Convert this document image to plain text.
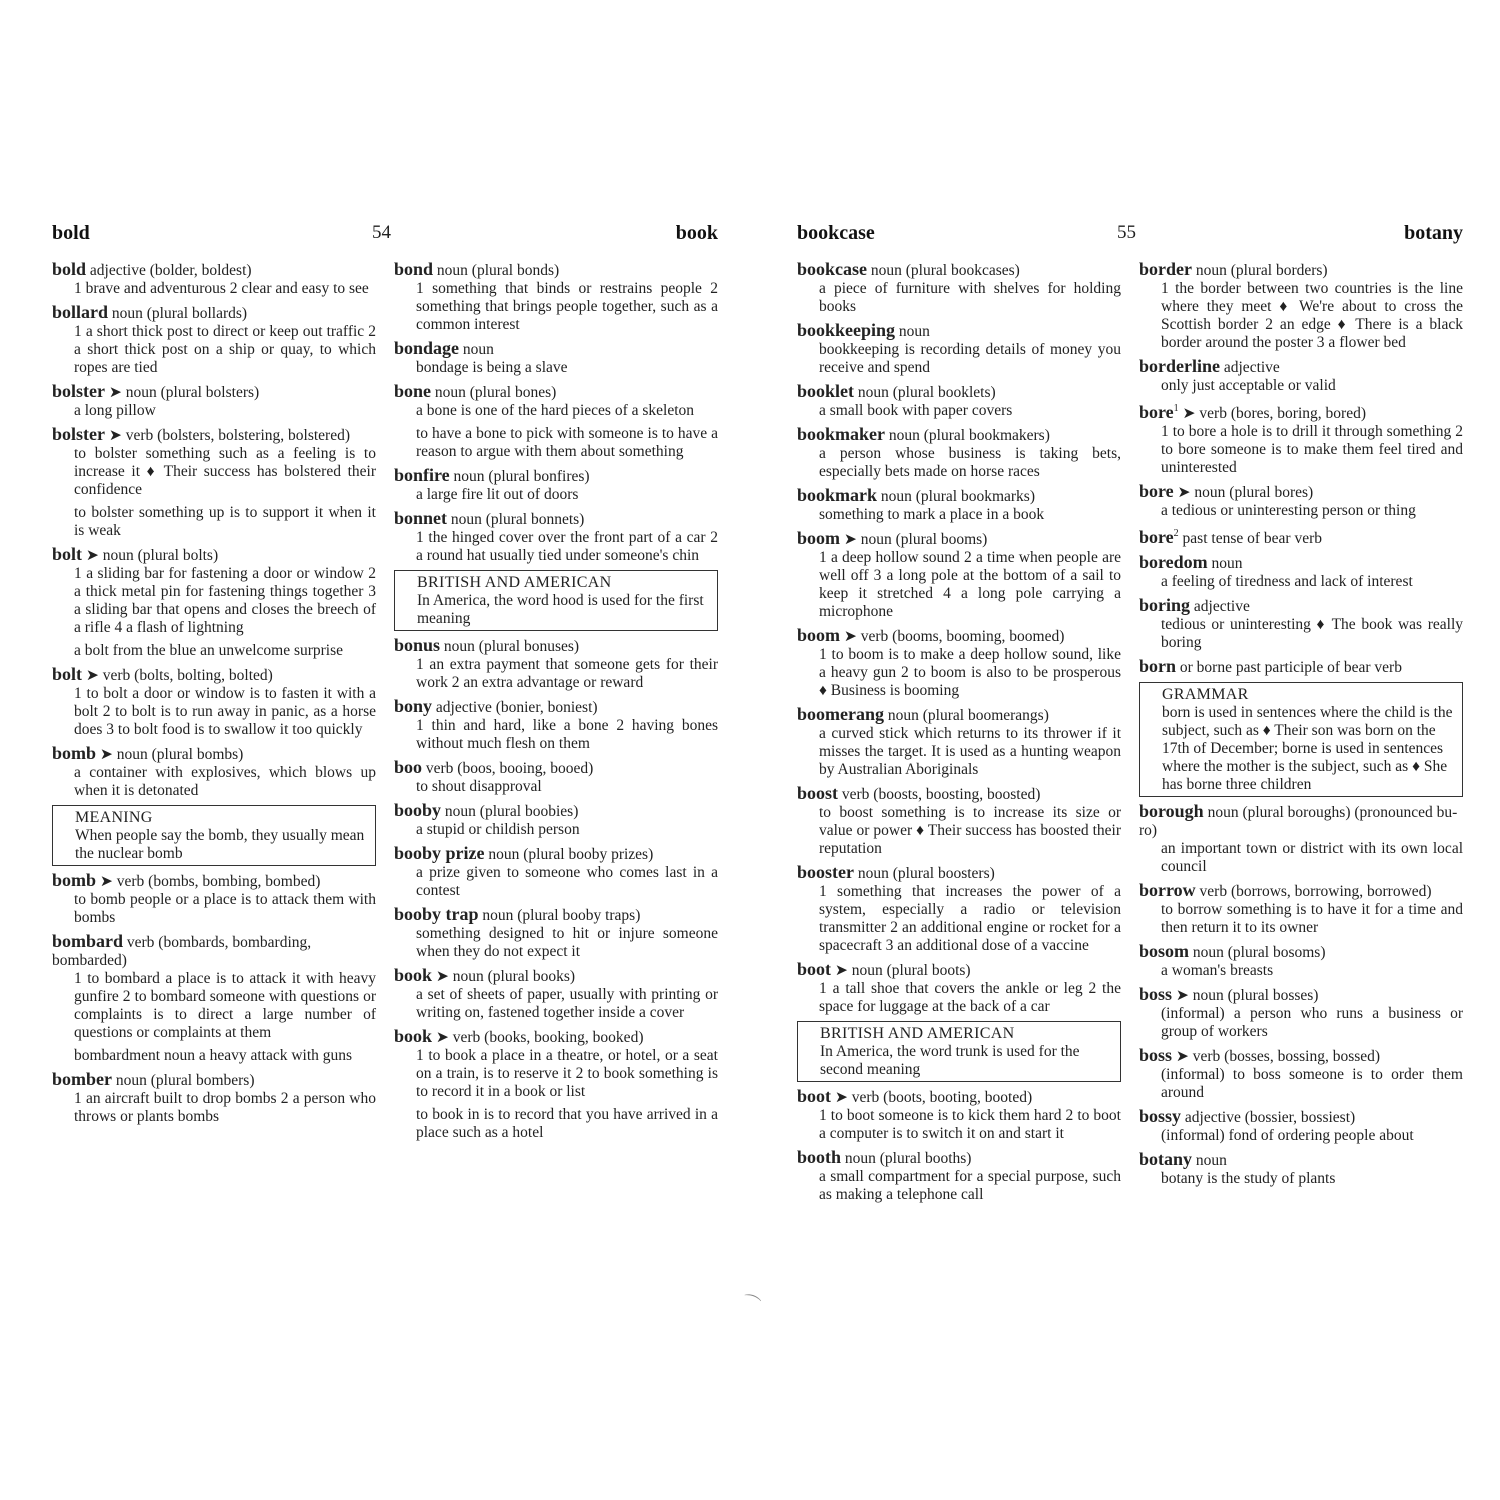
bold	54	book
bold adjective (bolder, boldest)
1 brave and adventurous 2 clear and easy to see
bollard noun (plural bollards)
1 a short thick post to direct or keep out traffic 2 a short thick post on a ship or quay, to which ropes are tied
bolster ➤ noun (plural bolsters)
a long pillow
bolster ➤ verb (bolsters, bolstering, bolstered)
to bolster something such as a feeling is to increase it ♦ Their success has bolstered their confidence
to bolster something up is to support it when it is weak
bolt ➤ noun (plural bolts)
1 a sliding bar for fastening a door or window 2 a thick metal pin for fastening things together 3 a sliding bar that opens and closes the breech of a rifle 4 a flash of lightning
a bolt from the blue an unwelcome surprise
bolt ➤ verb (bolts, bolting, bolted)
1 to bolt a door or window is to fasten it with a bolt 2 to bolt is to run away in panic, as a horse does 3 to bolt food is to swallow it too quickly
bomb ➤ noun (plural bombs)
a container with explosives, which blows up when it is detonated
MEANING
When people say the bomb, they usually mean the nuclear bomb
bomb ➤ verb (bombs, bombing, bombed)
to bomb people or a place is to attack them with bombs
bombard verb (bombards, bombarding, bombarded)
1 to bombard a place is to attack it with heavy gunfire 2 to bombard someone with questions or complaints is to direct a large number of questions or complaints at them
bombardment noun a heavy attack with guns
bomber noun (plural bombers)
1 an aircraft built to drop bombs 2 a person who throws or plants bombs
bond noun (plural bonds)
1 something that binds or restrains people 2 something that brings people together, such as a common interest
bondage noun
bondage is being a slave
bone noun (plural bones)
a bone is one of the hard pieces of a skeleton
to have a bone to pick with someone is to have a reason to argue with them about something
bonfire noun (plural bonfires)
a large fire lit out of doors
bonnet noun (plural bonnets)
1 the hinged cover over the front part of a car 2 a round hat usually tied under someone's chin
BRITISH AND AMERICAN
In America, the word hood is used for the first meaning
bonus noun (plural bonuses)
1 an extra payment that someone gets for their work 2 an extra advantage or reward
bony adjective (bonier, boniest)
1 thin and hard, like a bone 2 having bones without much flesh on them
boo verb (boos, booing, booed)
to shout disapproval
booby noun (plural boobies)
a stupid or childish person
booby prize noun (plural booby prizes)
a prize given to someone who comes last in a contest
booby trap noun (plural booby traps)
something designed to hit or injure someone when they do not expect it
book ➤ noun (plural books)
a set of sheets of paper, usually with printing or writing on, fastened together inside a cover
book ➤ verb (books, booking, booked)
1 to book a place in a theatre, or hotel, or a seat on a train, is to reserve it 2 to book something is to record it in a book or list
to book in is to record that you have arrived in a place such as a hotel
bookcase	55	botany
bookcase noun (plural bookcases)
a piece of furniture with shelves for holding books
bookkeeping noun
bookkeeping is recording details of money you receive and spend
booklet noun (plural booklets)
a small book with paper covers
bookmaker noun (plural bookmakers)
a person whose business is taking bets, especially bets made on horse races
bookmark noun (plural bookmarks)
something to mark a place in a book
boom ➤ noun (plural booms)
1 a deep hollow sound 2 a time when people are well off 3 a long pole at the bottom of a sail to keep it stretched 4 a long pole carrying a microphone
boom ➤ verb (booms, booming, boomed)
1 to boom is to make a deep hollow sound, like a heavy gun 2 to boom is also to be prosperous ♦ Business is booming
boomerang noun (plural boomerangs)
a curved stick which returns to its thrower if it misses the target. It is used as a hunting weapon by Australian Aboriginals
boost verb (boosts, boosting, boosted)
to boost something is to increase its size or value or power ♦ Their success has boosted their reputation
booster noun (plural boosters)
1 something that increases the power of a system, especially a radio or television transmitter 2 an additional engine or rocket for a spacecraft 3 an additional dose of a vaccine
boot ➤ noun (plural boots)
1 a tall shoe that covers the ankle or leg 2 the space for luggage at the back of a car
BRITISH AND AMERICAN
In America, the word trunk is used for the second meaning
boot ➤ verb (boots, booting, booted)
1 to boot someone is to kick them hard 2 to boot a computer is to switch it on and start it
booth noun (plural booths)
a small compartment for a special purpose, such as making a telephone call
border noun (plural borders)
1 the border between two countries is the line where they meet ♦ We're about to cross the Scottish border 2 an edge ♦ There is a black border around the poster 3 a flower bed
borderline adjective
only just acceptable or valid
bore$^1$ ➤ verb (bores, boring, bored)
1 to bore a hole is to drill it through something 2 to bore someone is to make them feel tired and uninterested
bore ➤ noun (plural bores)
a tedious or uninteresting person or thing
bore$^2$ past tense of bear verb
boredom noun
a feeling of tiredness and lack of interest
boring adjective
tedious or uninteresting ♦ The book was really boring
born or borne past participle of bear verb
GRAMMAR
born is used in sentences where the child is the subject, such as ♦ Their son was born on the 17th of December; borne is used in sentences where the mother is the subject, such as ♦ She has borne three children
borough noun (plural boroughs) (pronounced bu-ro)
an important town or district with its own local council
borrow verb (borrows, borrowing, borrowed)
to borrow something is to have it for a time and then return it to its owner
bosom noun (plural bosoms)
a woman's breasts
boss ➤ noun (plural bosses)
(informal) a person who runs a business or group of workers
boss ➤ verb (bosses, bossing, bossed)
(informal) to boss someone is to order them around
bossy adjective (bossier, bossiest)
(informal) fond of ordering people about
botany noun
botany is the study of plants
⌒
